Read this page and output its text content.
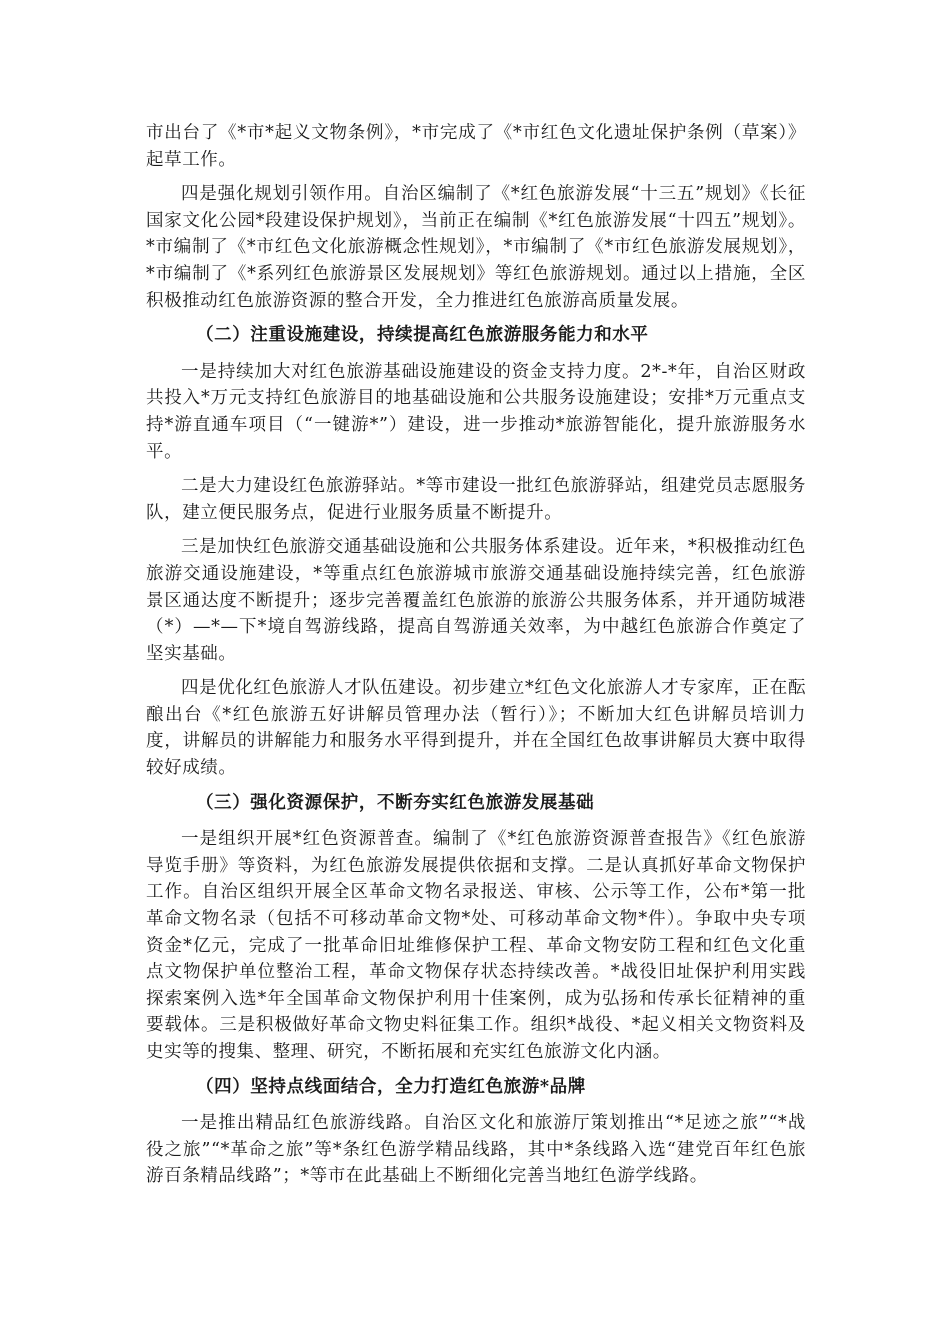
市出台了《*市*起义文物条例》，*市完成了《*市红色文化遗址保护条例（草案）》起草工作。

四是强化规划引领作用。自治区编制了《*红色旅游发展“十三五”规划》《长征国家文化公园*段建设保护规划》，当前正在编制《*红色旅游发展“十四五”规划》。*市编制了《*市红色文化旅游概念性规划》，*市编制了《*市红色旅游发展规划》，*市编制了《*系列红色旅游景区发展规划》等红色旅游规划。通过以上措施，全区积极推动红色旅游资源的整合开发，全力推进红色旅游高质量发展。

（二）注重设施建设，持续提高红色旅游服务能力和水平

一是持续加大对红色旅游基础设施建设的资金支持力度。2*-*年，自治区财政共投入*万元支持红色旅游目的地基础设施和公共服务设施建设；安排*万元重点支持*游直通车项目（“一键游*”）建设，进一步推动*旅游智能化，提升旅游服务水平。

二是大力建设红色旅游驿站。*等市建设一批红色旅游驿站，组建党员志愿服务队，建立便民服务点，促进行业服务质量不断提升。

三是加快红色旅游交通基础设施和公共服务体系建设。近年来，*积极推动红色旅游交通设施建设，*等重点红色旅游城市旅游交通基础设施持续完善，红色旅游景区通达度不断提升；逐步完善覆盖红色旅游的旅游公共服务体系，并开通防城港（*）—*—下*境自驾游线路，提高自驾游通关效率，为中越红色旅游合作奠定了坚实基础。

四是优化红色旅游人才队伍建设。初步建立*红色文化旅游人才专家库，正在酝酿出台《*红色旅游五好讲解员管理办法（暂行）》；不断加大红色讲解员培训力度，讲解员的讲解能力和服务水平得到提升，并在全国红色故事讲解员大赛中取得较好成绩。

（三）强化资源保护，不断夯实红色旅游发展基础

一是组织开展*红色资源普查。编制了《*红色旅游资源普查报告》《红色旅游导览手册》等资料，为红色旅游发展提供依据和支撑。二是认真抓好革命文物保护工作。自治区组织开展全区革命文物名录报送、审核、公示等工作，公布*第一批革命文物名录（包括不可移动革命文物*处、可移动革命文物*件）。争取中央专项资金*亿元，完成了一批革命旧址维修保护工程、革命文物安防工程和红色文化重点文物保护单位整治工程，革命文物保存状态持续改善。*战役旧址保护利用实践探索案例入选*年全国革命文物保护利用十佳案例，成为弘扬和传承长征精神的重要载体。三是积极做好革命文物史料征集工作。组织*战役、*起义相关文物资料及史实等的搜集、整理、研究，不断拓展和充实红色旅游文化内涵。

（四）坚持点线面结合，全力打造红色旅游*品牌

一是推出精品红色旅游线路。自治区文化和旅游厅策划推出“*足迹之旅”“*战役之旅”“*革命之旅”等*条红色游学精品线路，其中*条线路入选“建党百年红色旅游百条精品线路”；*等市在此基础上不断细化完善当地红色游学线路。
